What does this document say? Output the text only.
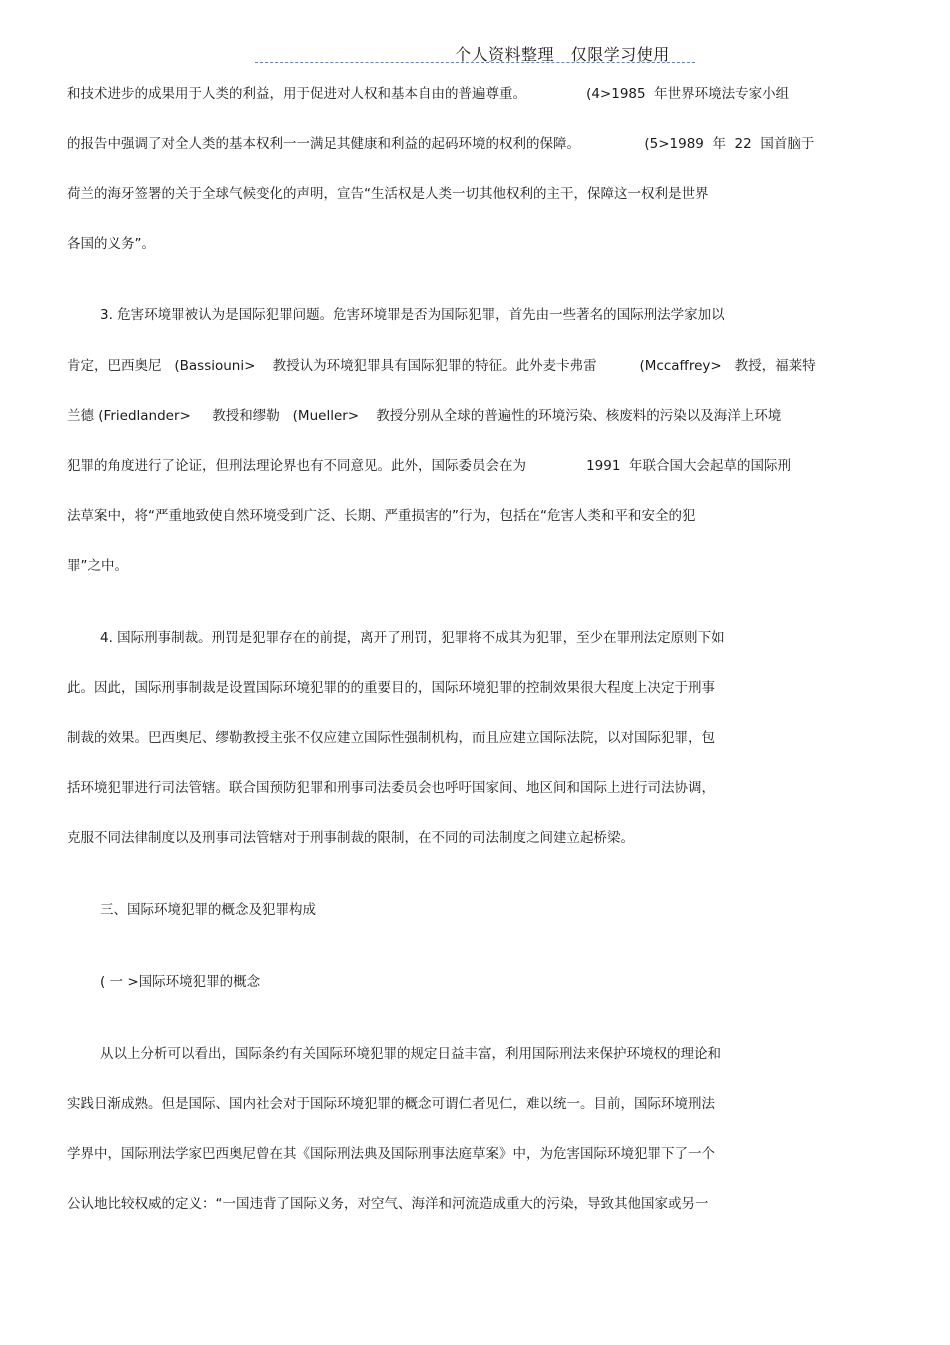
个人资料整理   仅限学习使用
和技术进步的成果用于人类的利益，用于促进对人权和基本自由的普遍尊重。              (4>1985  年世界环境法专家小组
的报告中强调了对全人类的基本权利一一满足其健康和利益的起码环境的权利的保障。               (5>1989  年  22  国首脑于
荷兰的海牙签署的关于全球气候变化的声明，宣告“生活权是人类一切其他权利的主干，保障这一权利是世界
各国的义务”。
3. 危害环境罪被认为是国际犯罪问题。危害环境罪是否为国际犯罪，首先由一些著名的国际刑法学家加以
肯定，巴西奥尼   (Bassiouni>    教授认为环境犯罪具有国际犯罪的特征。此外麦卡弗雷          (Mccaffrey>   教授，福莱特
兰德 (Friedlander>     教授和缪勒   (Mueller>    教授分别从全球的普遍性的环境污染、核废料的污染以及海洋上环境
犯罪的角度进行了论证，但刑法理论界也有不同意见。此外，国际委员会在为              1991  年联合国大会起草的国际刑
法草案中，将“严重地致使自然环境受到广泛、长期、严重损害的”行为，包括在“危害人类和平和安全的犯
罪”之中。
4. 国际刑事制裁。刑罚是犯罪存在的前提，离开了刑罚，犯罪将不成其为犯罪，至少在罪刑法定原则下如
此。因此，国际刑事制裁是设置国际环境犯罪的的重要目的，国际环境犯罪的控制效果很大程度上决定于刑事
制裁的效果。巴西奥尼、缪勒教授主张不仅应建立国际性强制机构，而且应建立国际法院，以对国际犯罪，包
括环境犯罪进行司法管辖。联合国预防犯罪和刑事司法委员会也呼吁国家间、地区间和国际上进行司法协调，
克服不同法律制度以及刑事司法管辖对于刑事制裁的限制，在不同的司法制度之间建立起桥梁。
三、国际环境犯罪的概念及犯罪构成
( 一 >国际环境犯罪的概念
从以上分析可以看出，国际条约有关国际环境犯罪的规定日益丰富，利用国际刑法来保护环境权的理论和
实践日渐成熟。但是国际、国内社会对于国际环境犯罪的概念可谓仁者见仁，难以统一。目前，国际环境刑法
学界中，国际刑法学家巴西奥尼曾在其《国际刑法典及国际刑事法庭草案》中，为危害国际环境犯罪下了一个
公认地比较权威的定义：“一国违背了国际义务，对空气、海洋和河流造成重大的污染，导致其他国家或另一
